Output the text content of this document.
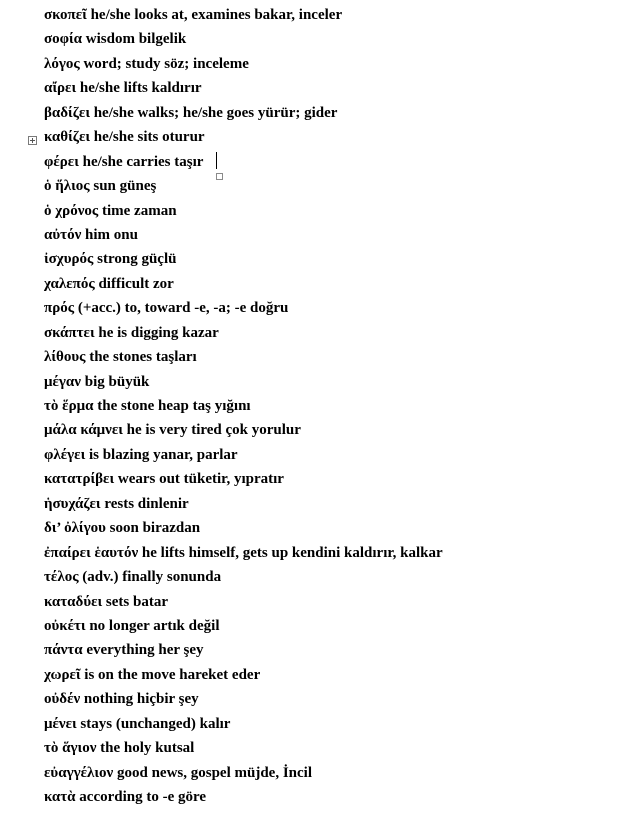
σκοπεῖ he/she looks at, examines bakar, inceler
σοφία wisdom bilgelik
λόγος word; study söz; inceleme
αἴρει he/she lifts kaldırır
βαδίζει he/she walks; he/she goes yürür; gider
καθίζει he/she sits oturur
φέρει he/she carries taşır
ὁ ἥλιος sun güneş
ὁ χρόνος time zaman
αὐτόν him onu
ἰσχυρός strong güçlü
χαλεπός difficult zor
πρός (+acc.) to, toward -e, -a; -e doğru
σκάπτει he is digging kazar
λίθους the stones taşları
μέγαν big büyük
τὸ ἕρμα the stone heap taş yığını
μάλα κάμνει he is very tired çok yorulur
φλέγει is blazing yanar, parlar
κατατρίβει wears out tüketir, yıpratır
ἡσυχάζει rests dinlenir
δι’ ὀλίγου soon birazdan
ἐπαίρει ἑαυτόν he lifts himself, gets up kendini kaldırır, kalkar
τέλος (adv.) finally sonunda
καταδύει sets batar
οὐκέτι no longer artık değil
πάντα everything her şey
χωρεῖ is on the move hareket eder
οὐδέν nothing hiçbir şey
μένει stays (unchanged) kalır
τὸ ἅγιον the holy kutsal
εὐαγγέλιον good news, gospel müjde, İncil
κατὰ according to -e göre
